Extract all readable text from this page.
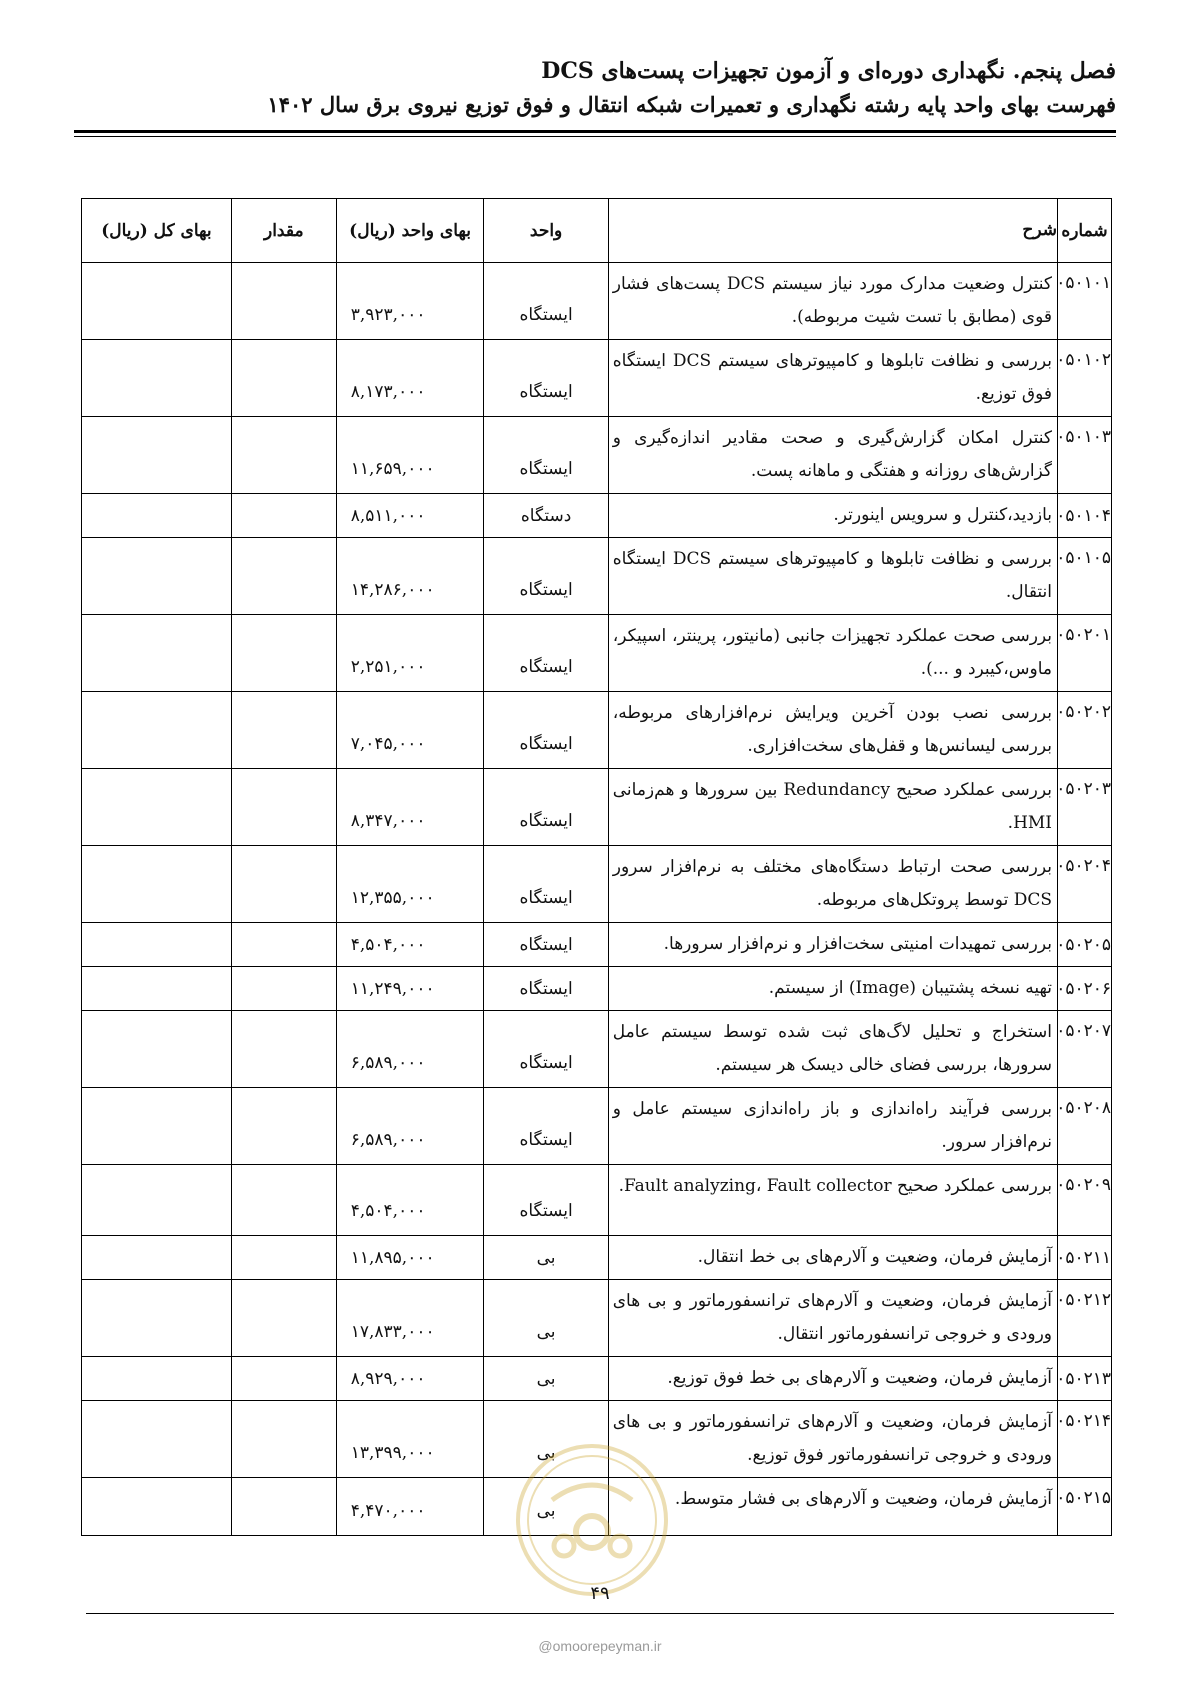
فصل پنجم. نگهداری دوره‌ای و آزمون تجهیزات پست‌های DCS
فهرست بهای واحد پایه رشته نگهداری و تعمیرات شبکه انتقال و فوق توزیع نیروی برق سال ۱۴۰۲
شماره	شرح	واحد	بهای واحد (ریال)	مقدار	بهای کل (ریال)
۰۵۰۱۰۱	کنترل وضعیت مدارک مورد نیاز سیستم DCS پست‌های فشار قوی (مطابق با تست شیت مربوطه).	ایستگاه	۳,۹۲۳,۰۰۰		
۰۵۰۱۰۲	بررسی و نظافت تابلوها و کامپیوترهای سیستم DCS ایستگاه فوق توزیع.	ایستگاه	۸,۱۷۳,۰۰۰		
۰۵۰۱۰۳	کنترل امکان گزارش‌گیری و صحت مقادیر اندازه‌گیری و گزارش‌های روزانه و هفتگی و ماهانه پست.	ایستگاه	۱۱,۶۵۹,۰۰۰		
۰۵۰۱۰۴	بازدید،کنترل و سرویس اینورتر.	دستگاه	۸,۵۱۱,۰۰۰		
۰۵۰۱۰۵	بررسی و نظافت تابلوها و کامپیوترهای سیستم DCS ایستگاه انتقال.	ایستگاه	۱۴,۲۸۶,۰۰۰		
۰۵۰۲۰۱	بررسی صحت عملکرد تجهیزات جانبی (مانیتور، پرینتر، اسپیکر، ماوس،کیبرد و ...).	ایستگاه	۲,۲۵۱,۰۰۰		
۰۵۰۲۰۲	بررسی نصب بودن آخرین ویرایش نرم‌افزارهای مربوطه، بررسی لیسانس‌ها و قفل‌های سخت‌افزاری.	ایستگاه	۷,۰۴۵,۰۰۰		
۰۵۰۲۰۳	بررسی عملکرد صحیح Redundancy بین سرورها و هم‌زمانی HMI.	ایستگاه	۸,۳۴۷,۰۰۰		
۰۵۰۲۰۴	بررسی صحت ارتباط دستگاه‌های مختلف به نرم‌افزار سرور DCS توسط پروتکل‌های مربوطه.	ایستگاه	۱۲,۳۵۵,۰۰۰		
۰۵۰۲۰۵	بررسی تمهیدات امنیتی سخت‌افزار و نرم‌افزار سرورها.	ایستگاه	۴,۵۰۴,۰۰۰		
۰۵۰۲۰۶	تهیه نسخه پشتیبان (Image) از سیستم.	ایستگاه	۱۱,۲۴۹,۰۰۰		
۰۵۰۲۰۷	استخراج و تحلیل لاگ‌های ثبت شده توسط سیستم عامل سرورها، بررسی فضای خالی دیسک هر سیستم.	ایستگاه	۶,۵۸۹,۰۰۰		
۰۵۰۲۰۸	بررسی فرآیند راه‌اندازی و باز راه‌اندازی سیستم عامل و نرم‌افزار سرور.	ایستگاه	۶,۵۸۹,۰۰۰		
۰۵۰۲۰۹	بررسی عملکرد صحیح Fault analyzing، Fault collector.	ایستگاه	۴,۵۰۴,۰۰۰		
۰۵۰۲۱۱	آزمایش فرمان، وضعیت و آلارم‌های بی خط انتقال.	بی	۱۱,۸۹۵,۰۰۰		
۰۵۰۲۱۲	آزمایش فرمان، وضعیت و آلارم‌های ترانسفورماتور و بی های ورودی و خروجی ترانسفورماتور انتقال.	بی	۱۷,۸۳۳,۰۰۰		
۰۵۰۲۱۳	آزمایش فرمان، وضعیت و آلارم‌های بی خط فوق توزیع.	بی	۸,۹۲۹,۰۰۰		
۰۵۰۲۱۴	آزمایش فرمان، وضعیت و آلارم‌های ترانسفورماتور و بی های ورودی و خروجی ترانسفورماتور فوق توزیع.	بی	۱۳,۳۹۹,۰۰۰		
۰۵۰۲۱۵	آزمایش فرمان، وضعیت و آلارم‌های بی فشار متوسط.	بی	۴,۴۷۰,۰۰۰		
۴۹
@omoorepeyman.ir
